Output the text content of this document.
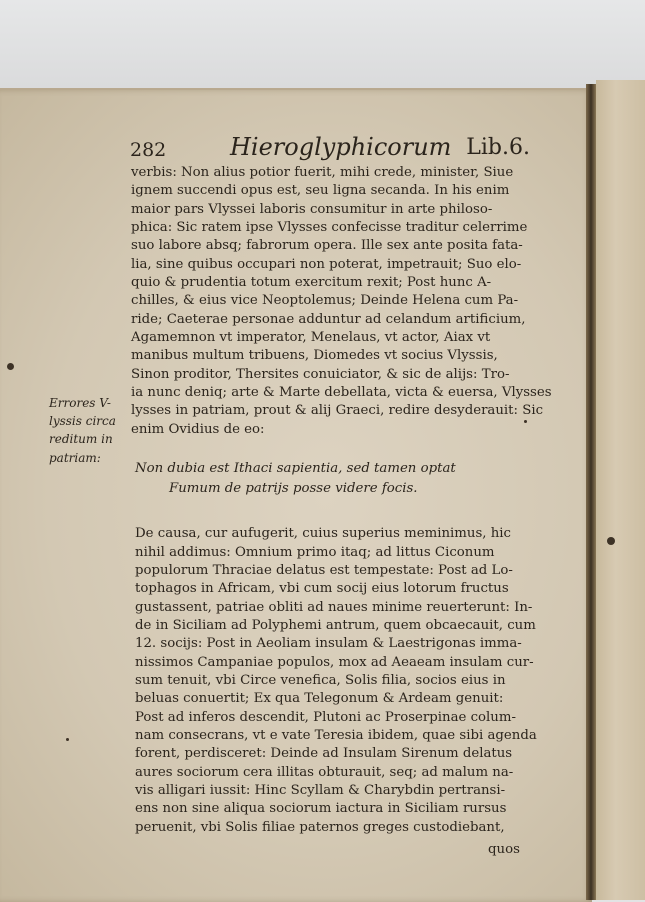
282	Hieroglyphicorum Lib.6.
verbis: Non alius potior fuerit, mihi crede, minister, Siue
ignem succendi opus est, seu ligna secanda. In his enim
maior pars Vlyssei laboris consumitur in arte philoso-
phica: Sic ratem ipse Vlysses confecisse traditur celerrime
suo labore absq; fabrorum opera. Ille sex ante posita fata-
lia, sine quibus occupari non poterat, impetrauit; Suo elo-
quio & prudentia totum exercitum rexit; Post hunc A-
chilles, & eius vice Neoptolemus; Deinde Helena cum Pa-
ride; Caeterae personae adduntur ad celandum artificium,
Agamemnon vt imperator, Menelaus, vt actor, Aiax vt
manibus multum tribuens, Diomedes vt socius Vlyssis,
Sinon proditor, Thersites conuiciator, & sic de alijs: Tro-
ia nunc deniq; arte & Marte debellata, victa & euersa, Vlysses
lysses in patriam, prout & alij Graeci, redire desyderauit: Sic
enim Ovidius de eo:
Non dubia est Ithaci sapientia, sed tamen optat
Fumum de patrijs posse videre focis.
De causa, cur aufugerit, cuius superius meminimus, hic
nihil addimus: Omnium primo itaq; ad littus Ciconum
populorum Thraciae delatus est tempestate: Post ad Lo-
tophagos in Africam, vbi cum socij eius lotorum fructus
gustassent, patriae obliti ad naues minime reuerterunt: In-
de in Siciliam ad Polyphemi antrum, quem obcaecauit, cum
12. socijs: Post in Aeoliam insulam & Laestrigonas imma-
nissimos Campaniae populos, mox ad Aeaeam insulam cur-
sum tenuit, vbi Circe venefica, Solis filia, socios eius in
beluas conuertit; Ex qua Telegonum & Ardeam genuit:
Post ad inferos descendit, Plutoni ac Proserpinae colum-
nam consecrans, vt e vate Teresia ibidem, quae sibi agenda
forent, perdisceret: Deinde ad Insulam Sirenum delatus
aures sociorum cera illitas obturauit, seq; ad malum na-
vis alligari iussit: Hinc Scyllam & Charybdin pertransi-
ens non sine aliqua sociorum iactura in Siciliam rursus
peruenit, vbi Solis filiae paternos greges custodiebant,
Errores V-
lyssis circa
reditum in
patriam:
quos
